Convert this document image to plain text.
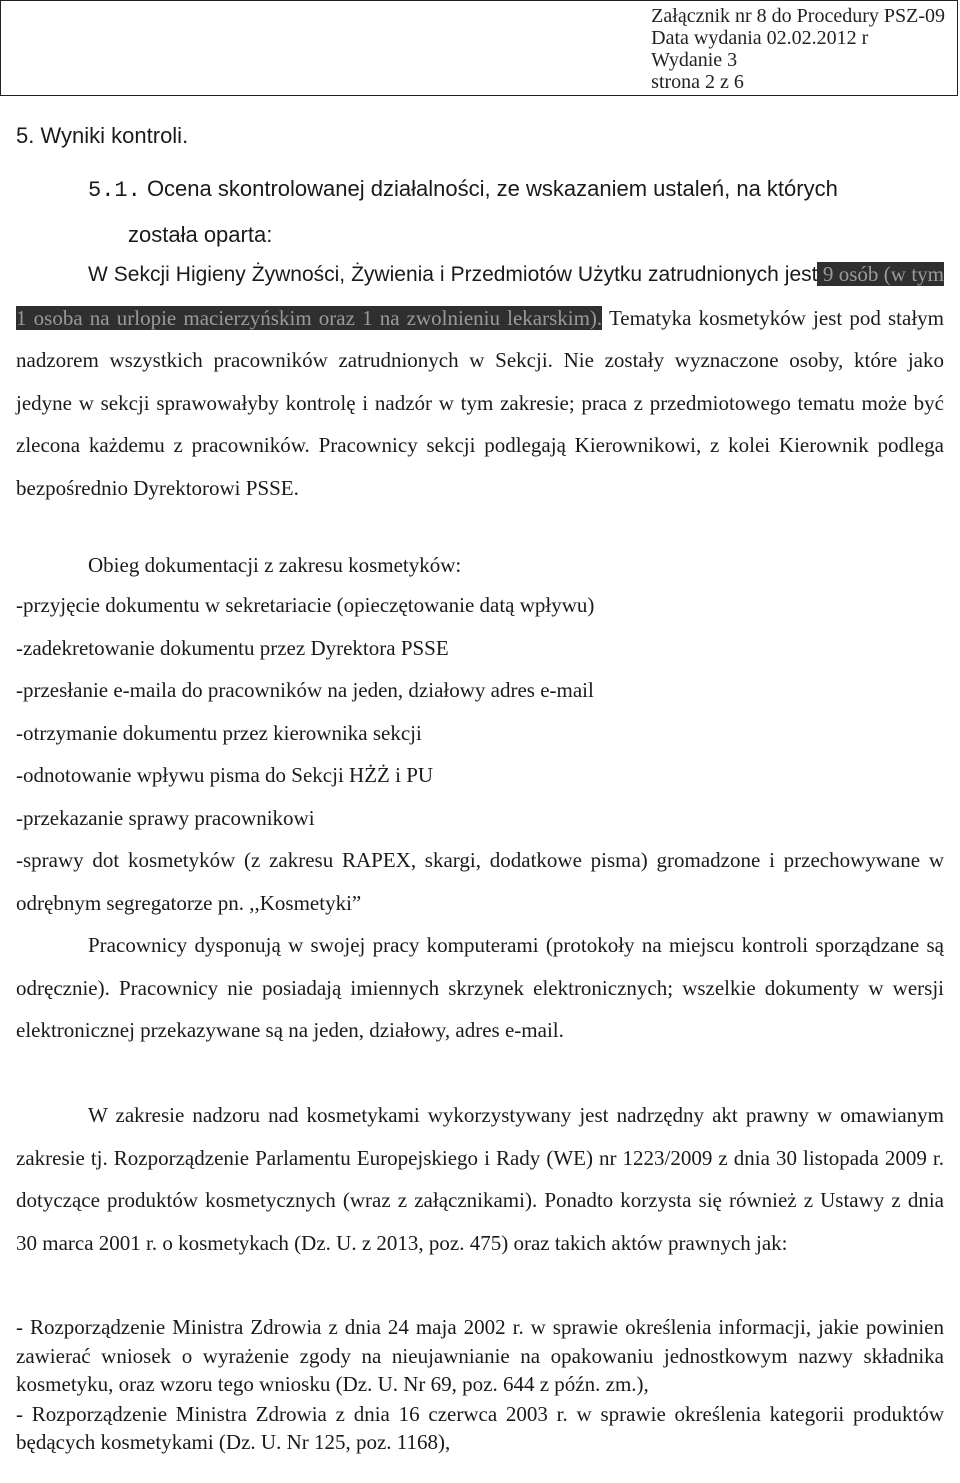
Załącznik nr 8 do Procedury PSZ-09
Data wydania 02.02.2012 r
Wydanie 3
strona 2 z 6
5. Wyniki kontroli.
5.1. Ocena skontrolowanej działalności, ze wskazaniem ustaleń, na których
została oparta:
W Sekcji Higieny Żywności, Żywienia i Przedmiotów Użytku zatrudnionych jest 9 osób (w tym 1 osoba na urlopie macierzyńskim oraz 1 na zwolnieniu lekarskim). Tematyka kosmetyków jest pod stałym nadzorem wszystkich pracowników zatrudnionych w Sekcji. Nie zostały wyznaczone osoby, które jako jedyne w sekcji sprawowałyby kontrolę i nadzór w tym zakresie; praca z przedmiotowego tematu może być zlecona każdemu z pracowników. Pracownicy sekcji podlegają Kierownikowi, z kolei Kierownik podlega bezpośrednio Dyrektorowi PSSE.
Obieg dokumentacji z zakresu kosmetyków:
-przyjęcie dokumentu w sekretariacie (opieczętowanie datą wpływu)
-zadekretowanie dokumentu przez Dyrektora PSSE
-przesłanie e-maila do pracowników na jeden, działowy adres e-mail
-otrzymanie dokumentu przez kierownika sekcji
-odnotowanie wpływu pisma do Sekcji HŻŻ i PU
-przekazanie sprawy pracownikowi
-sprawy dot kosmetyków (z zakresu RAPEX, skargi, dodatkowe pisma) gromadzone i przechowywane w odrębnym segregatorze pn. ,,Kosmetyki”
Pracownicy dysponują w swojej pracy komputerami (protokoły na miejscu kontroli sporządzane są odręcznie). Pracownicy nie posiadają imiennych skrzynek elektronicznych; wszelkie dokumenty w wersji elektronicznej przekazywane są na jeden, działowy, adres e-mail.
W zakresie nadzoru nad kosmetykami wykorzystywany jest nadrzędny akt prawny w omawianym zakresie tj. Rozporządzenie Parlamentu Europejskiego i Rady (WE) nr 1223/2009 z dnia 30 listopada 2009 r. dotyczące produktów kosmetycznych (wraz z załącznikami). Ponadto korzysta się również z Ustawy z dnia 30 marca 2001 r. o kosmetykach (Dz. U. z 2013, poz. 475) oraz takich aktów prawnych jak:
- Rozporządzenie Ministra Zdrowia z dnia 24 maja 2002 r. w sprawie określenia informacji, jakie powinien zawierać wniosek o wyrażenie zgody na nieujawnianie na opakowaniu jednostkowym nazwy składnika kosmetyku, oraz wzoru tego wniosku (Dz. U. Nr 69, poz. 644 z późn. zm.),
- Rozporządzenie Ministra Zdrowia z dnia 16 czerwca 2003 r. w sprawie określenia kategorii produktów będących kosmetykami (Dz. U. Nr 125, poz. 1168),
